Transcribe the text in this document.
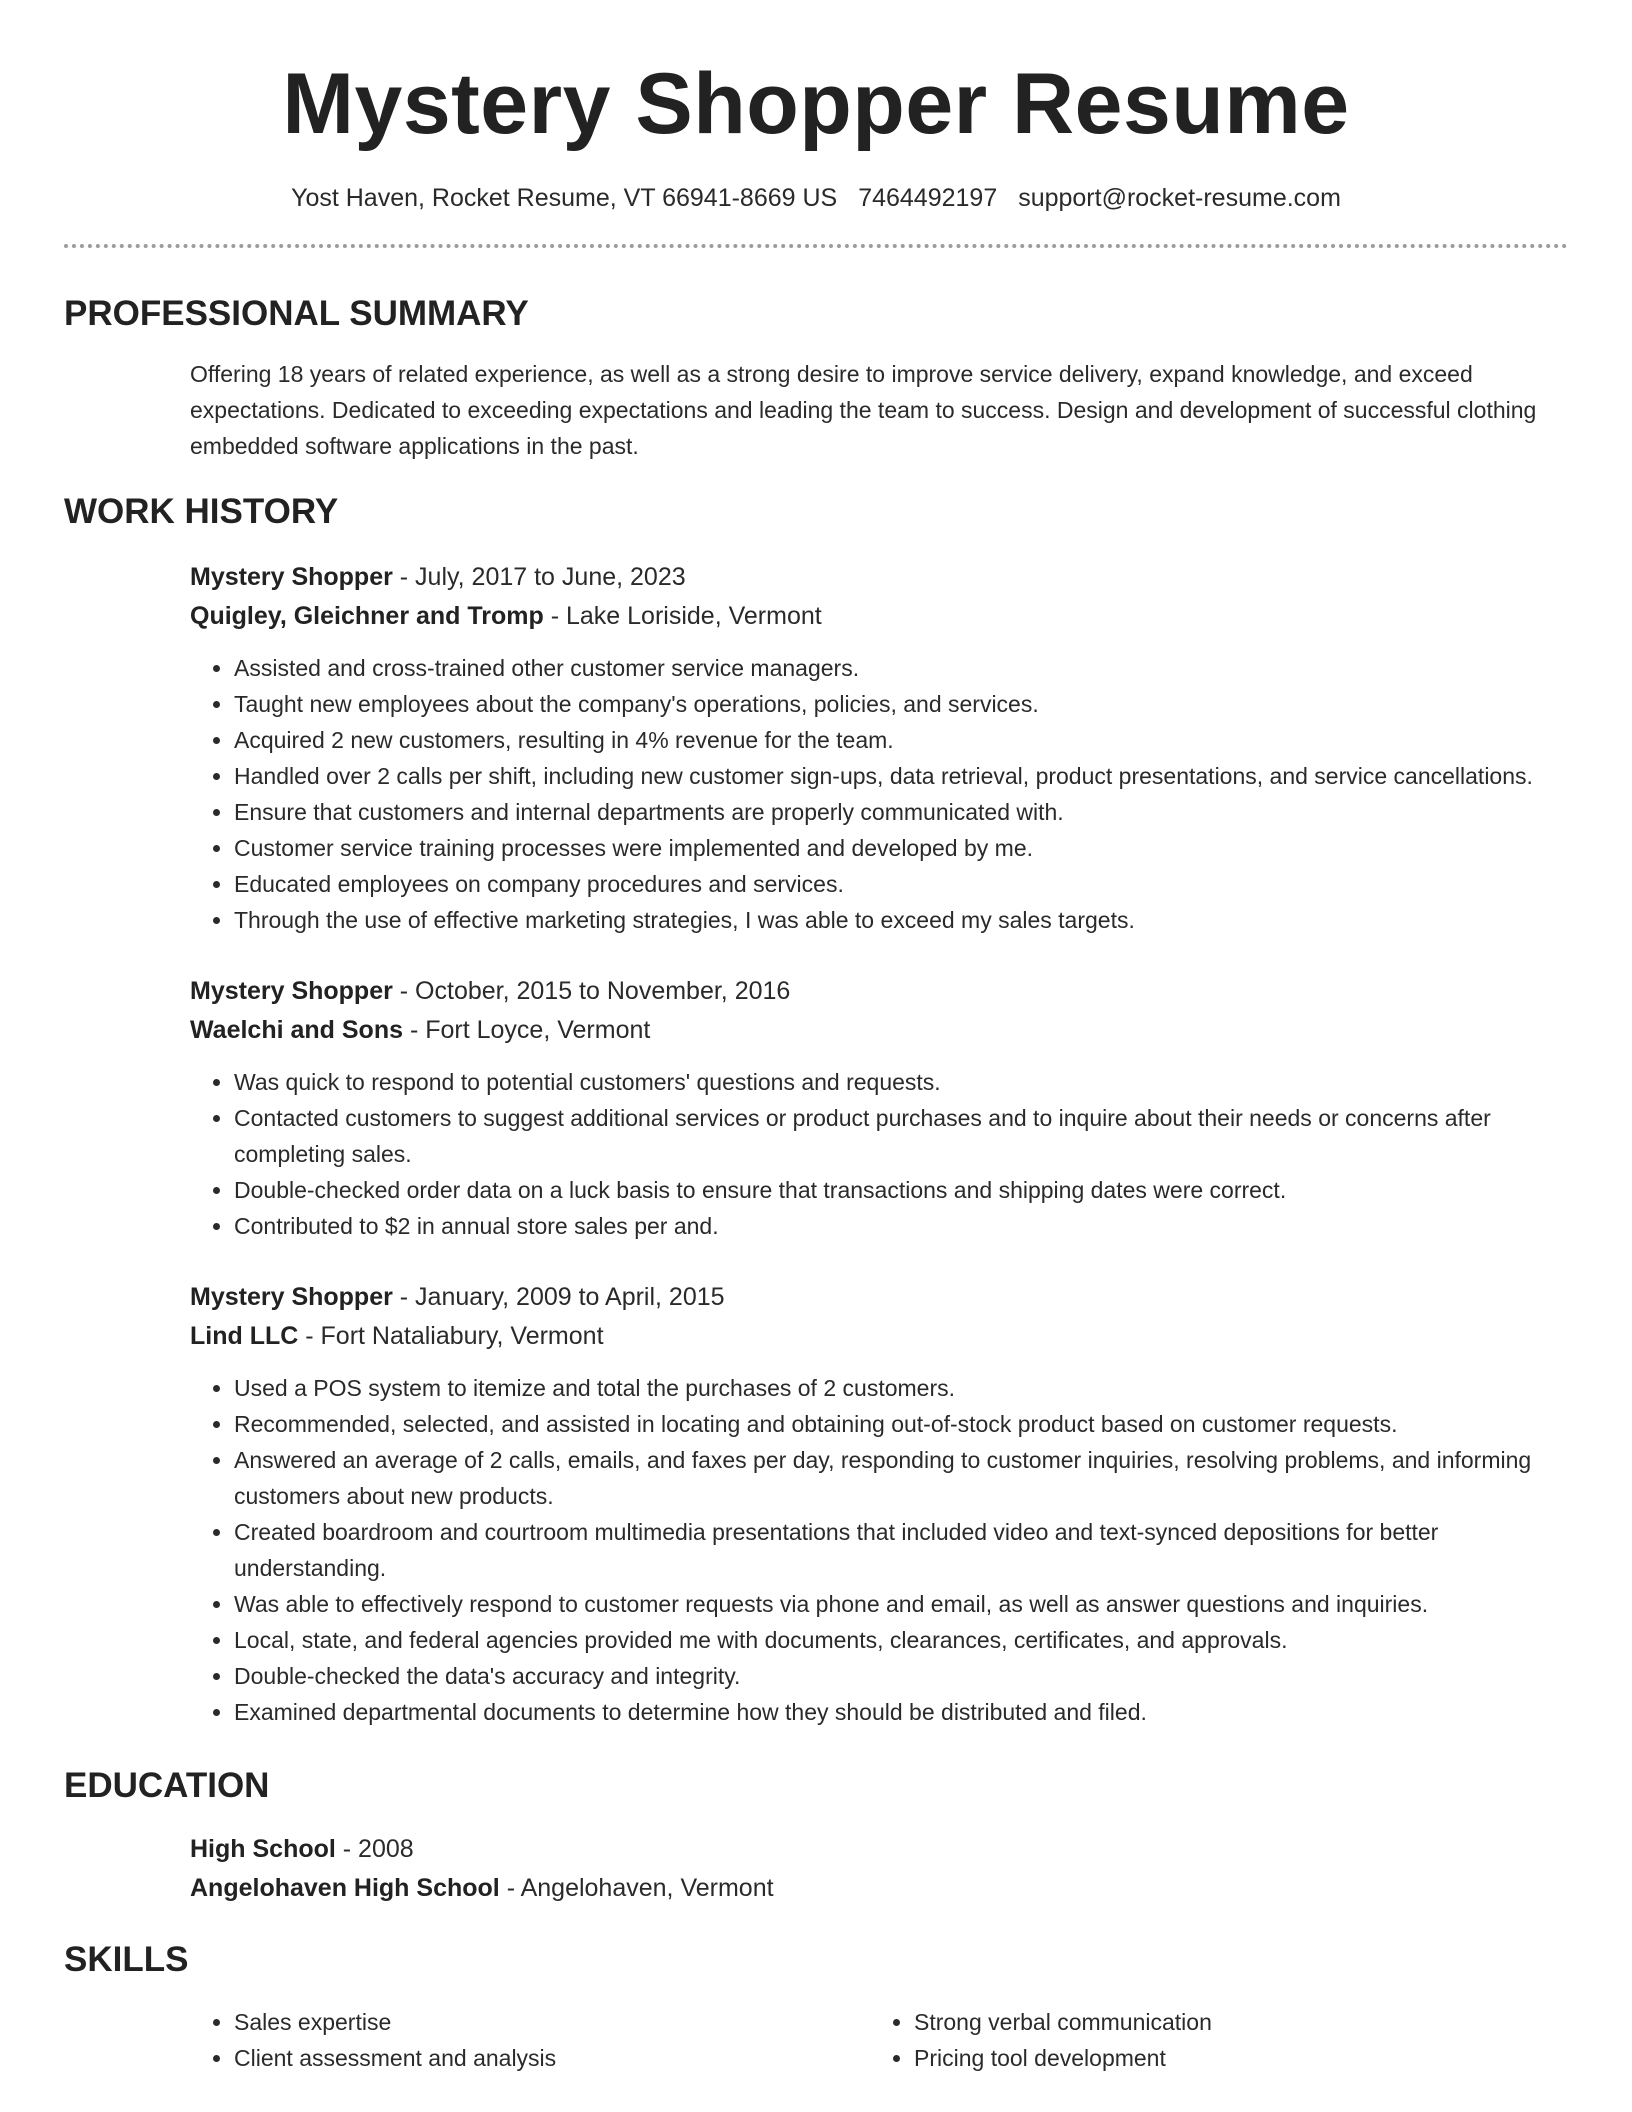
Mystery Shopper Resume
Yost Haven, Rocket Resume, VT 66941-8669 US 7464492197 support@rocket-resume.com
PROFESSIONAL SUMMARY

Offering 18 years of related experience, as well as a strong desire to improve service delivery, expand knowledge, and exceed expectations. Dedicated to exceeding expectations and leading the team to success. Design and development of successful clothing embedded software applications in the past.

WORK HISTORY
Mystery Shopper - July, 2017 to June, 2023
Quigley, Gleichner and Tromp - Lake Loriside, Vermont
• Assisted and cross-trained other customer service managers.
• Taught new employees about the company's operations, policies, and services.
• Acquired 2 new customers, resulting in 4% revenue for the team.
• Handled over 2 calls per shift, including new customer sign-ups, data retrieval, product presentations, and service cancellations.
• Ensure that customers and internal departments are properly communicated with.
• Customer service training processes were implemented and developed by me.
• Educated employees on company procedures and services.
• Through the use of effective marketing strategies, I was able to exceed my sales targets.
Mystery Shopper - October, 2015 to November, 2016
Waelchi and Sons - Fort Loyce, Vermont
• Was quick to respond to potential customers' questions and requests.
• Contacted customers to suggest additional services or product purchases and to inquire about their needs or concerns after completing sales.
• Double-checked order data on a luck basis to ensure that transactions and shipping dates were correct.
• Contributed to $2 in annual store sales per and.
Mystery Shopper - January, 2009 to April, 2015
Lind LLC - Fort Nataliabury, Vermont
• Used a POS system to itemize and total the purchases of 2 customers.
• Recommended, selected, and assisted in locating and obtaining out-of-stock product based on customer requests.
• Answered an average of 2 calls, emails, and faxes per day, responding to customer inquiries, resolving problems, and informing customers about new products.
• Created boardroom and courtroom multimedia presentations that included video and text-synced depositions for better understanding.
• Was able to effectively respond to customer requests via phone and email, as well as answer questions and inquiries.
• Local, state, and federal agencies provided me with documents, clearances, certificates, and approvals.
• Double-checked the data's accuracy and integrity.
• Examined departmental documents to determine how they should be distributed and filed.
EDUCATION
High School - 2008
Angelohaven High School - Angelohaven, Vermont
SKILLS
• Sales expertise
• Client assessment and analysis
• Strong verbal communication
• Pricing tool development
